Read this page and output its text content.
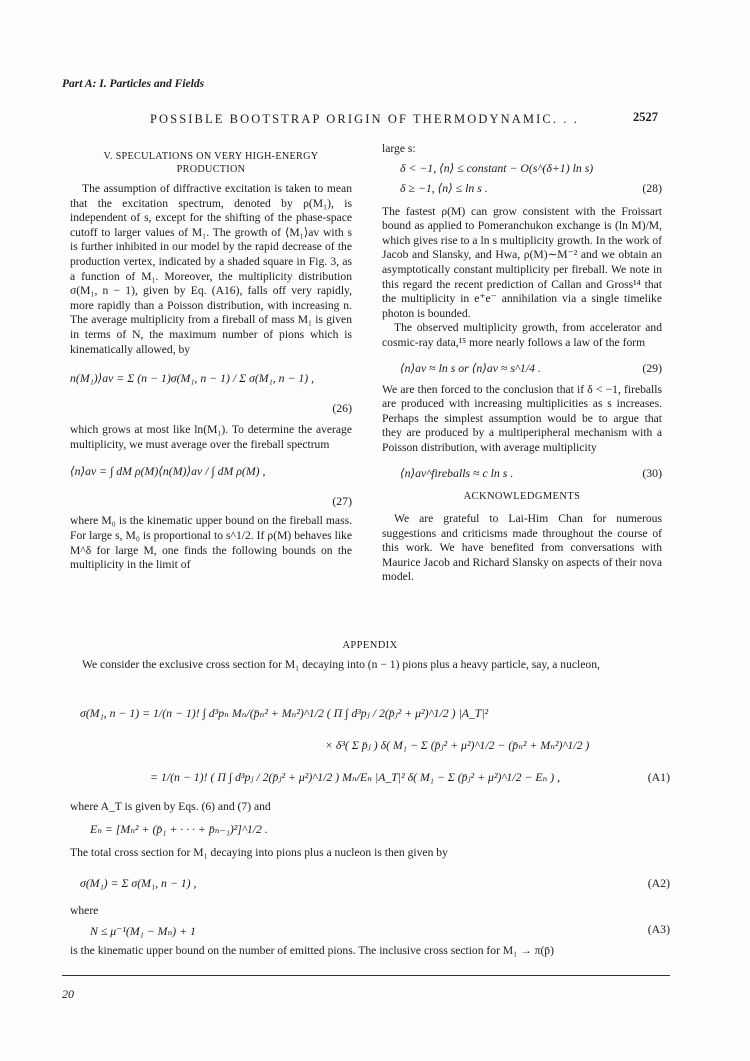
Part A: I. Particles and Fields
POSSIBLE BOOTSTRAP ORIGIN OF THERMODYNAMIC. . .	2527
V. SPECULATIONS ON VERY HIGH-ENERGY
PRODUCTION

The assumption of diffractive excitation is taken to mean that the excitation spectrum, denoted by ρ(M₁), is independent of s, except for the shifting of the phase-space cutoff to larger values of M₁. The growth of ⟨M₁⟩av with s is further inhibited in our model by the rapid decrease of the production vertex, indicated by a shaded square in Fig. 3, as a function of M₁. Moreover, the multiplicity distribution σ(M₁, n − 1), given by Eq. (A16), falls off very rapidly, more rapidly than a Poisson distribution, with increasing n. The average multiplicity from a fireball of mass M₁ is given in terms of N, the maximum number of pions which is kinematically allowed, by

n(M₁)⟩av = Σ (n − 1)σ(M₁, n − 1) / Σ σ(M₁, n − 1) ,
(26)

which grows at most like ln(M₁). To determine the average multiplicity, we must average over the fireball spectrum

⟨n⟩av = ∫ dM ρ(M)⟨n(M)⟩av / ∫ dM ρ(M) ,
(27)

where M₀ is the kinematic upper bound on the fireball mass. For large s, M₀ is proportional to s^1/2. If ρ(M) behaves like M^δ for large M, one finds the following bounds on the multiplicity in the limit of

large s:

δ < −1, ⟨n⟩ ≤ constant − O(s^(δ+1) ln s)
δ ≥ −1, ⟨n⟩ ≤ ln s .	(28)

The fastest ρ(M) can grow consistent with the Froissart bound as applied to Pomeranchukon exchange is (ln M)/M, which gives rise to a ln s multiplicity growth. In the work of Jacob and Slansky, and Hwa, ρ(M)∼M⁻² and we obtain an asymptotically constant multiplicity per fireball. We note in this regard the recent prediction of Callan and Gross¹⁴ that the multiplicity in e⁺e⁻ annihilation via a single timelike photon is bounded.

The observed multiplicity growth, from accelerator and cosmic-ray data,¹⁵ more nearly follows a law of the form

⟨n⟩av ≈ ln s or ⟨n⟩av ≈ s^1/4 .	(29)

We are then forced to the conclusion that if δ < −1, fireballs are produced with increasing multiplicities as s increases. Perhaps the simplest assumption would be to argue that they are produced by a multiperipheral mechanism with a Poisson distribution, with average multiplicity

⟨n⟩av^fireballs ≈ c ln s .	(30)
ACKNOWLEDGMENTS

We are grateful to Lai-Him Chan for numerous suggestions and criticisms made throughout the course of this work. We have benefited from conversations with Maurice Jacob and Richard Slansky on aspects of their nova model.

APPENDIX

We consider the exclusive cross section for M₁ decaying into (n − 1) pions plus a heavy particle, say, a nucleon,

σ(M₁, n − 1) = 1/(n − 1)! ∫ d³pₙ Mₙ/(p̄ₙ² + Mₙ²)^1/2 ( Π ∫ d³pⱼ / 2(p̄ⱼ² + μ²)^1/2 ) |A_T|²
× δ³( Σ p̄ⱼ ) δ( M₁ − Σ (p̄ⱼ² + μ²)^1/2 − (p̄ₙ² + Mₙ²)^1/2 )
= 1/(n − 1)! ( Π ∫ d³pⱼ / 2(p̄ⱼ² + μ²)^1/2 ) Mₙ/Eₙ |A_T|² δ( M₁ − Σ (p̄ⱼ² + μ²)^1/2 − Eₙ ) ,	(A1)
where A_T is given by Eqs. (6) and (7) and
Eₙ = [Mₙ² + (p̄₁ + · · · + p̄ₙ₋₁)²]^1/2 .
The total cross section for M₁ decaying into pions plus a nucleon is then given by
σ(M₁) = Σ σ(M₁, n − 1) ,	(A2)
where
N ≤ μ⁻¹(M₁ − Mₙ) + 1	(A3)
is the kinematic upper bound on the number of emitted pions. The inclusive cross section for M₁ → π(p̄)
20
